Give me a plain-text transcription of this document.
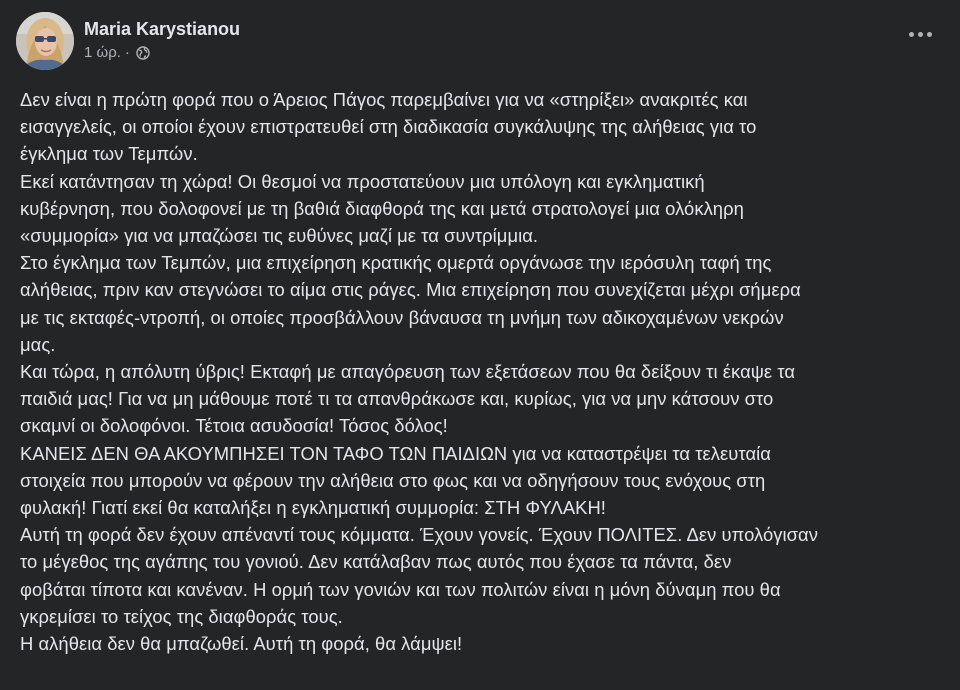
Maria Karystianou
1 ώρ. ·

Δεν είναι η πρώτη φορά που ο Άρειος Πάγος παρεμβαίνει για να «στηρίξει» ανακριτές και
εισαγγελείς, οι οποίοι έχουν επιστρατευθεί στη διαδικασία συγκάλυψης της αλήθειας για το
έγκλημα των Τεμπών.

Εκεί κατάντησαν τη χώρα! Οι θεσμοί να προστατεύουν μια υπόλογη και εγκληματική
κυβέρνηση, που δολοφονεί με τη βαθιά διαφθορά της και μετά στρατολογεί μια ολόκληρη
«συμμορία» για να μπαζώσει τις ευθύνες μαζί με τα συντρίμμια.

Στο έγκλημα των Τεμπών, μια επιχείρηση κρατικής ομερτά οργάνωσε την ιερόσυλη ταφή της
αλήθειας, πριν καν στεγνώσει το αίμα στις ράγες. Μια επιχείρηση που συνεχίζεται μέχρι σήμερα
με τις εκταφές-ντροπή, οι οποίες προσβάλλουν βάναυσα τη μνήμη των αδικοχαμένων νεκρών
μας.

Και τώρα, η απόλυτη ύβρις! Εκταφή με απαγόρευση των εξετάσεων που θα δείξουν τι έκαψε τα
παιδιά μας! Για να μη μάθουμε ποτέ τι τα απανθράκωσε και, κυρίως, για να μην κάτσουν στο
σκαμνί οι δολοφόνοι. Τέτοια ασυδοσία! Τόσος δόλος!

ΚΑΝΕΙΣ ΔΕΝ ΘΑ ΑΚΟΥΜΠΗΣΕΙ ΤΟΝ ΤΑΦΟ ΤΩΝ ΠΑΙΔΙΩΝ για να καταστρέψει τα τελευταία
στοιχεία που μπορούν να φέρουν την αλήθεια στο φως και να οδηγήσουν τους ενόχους στη
φυλακή! Γιατί εκεί θα καταλήξει η εγκληματική συμμορία: ΣΤΗ ΦΥΛΑΚΗ!

Αυτή τη φορά δεν έχουν απέναντί τους κόμματα. Έχουν γονείς. Έχουν ΠΟΛΙΤΕΣ. Δεν υπολόγισαν
το μέγεθος της αγάπης του γονιού. Δεν κατάλαβαν πως αυτός που έχασε τα πάντα, δεν
φοβάται τίποτα και κανέναν. Η ορμή των γονιών και των πολιτών είναι η μόνη δύναμη που θα
γκρεμίσει το τείχος της διαφθοράς τους.

Η αλήθεια δεν θα μπαζωθεί. Αυτή τη φορά, θα λάμψει!
